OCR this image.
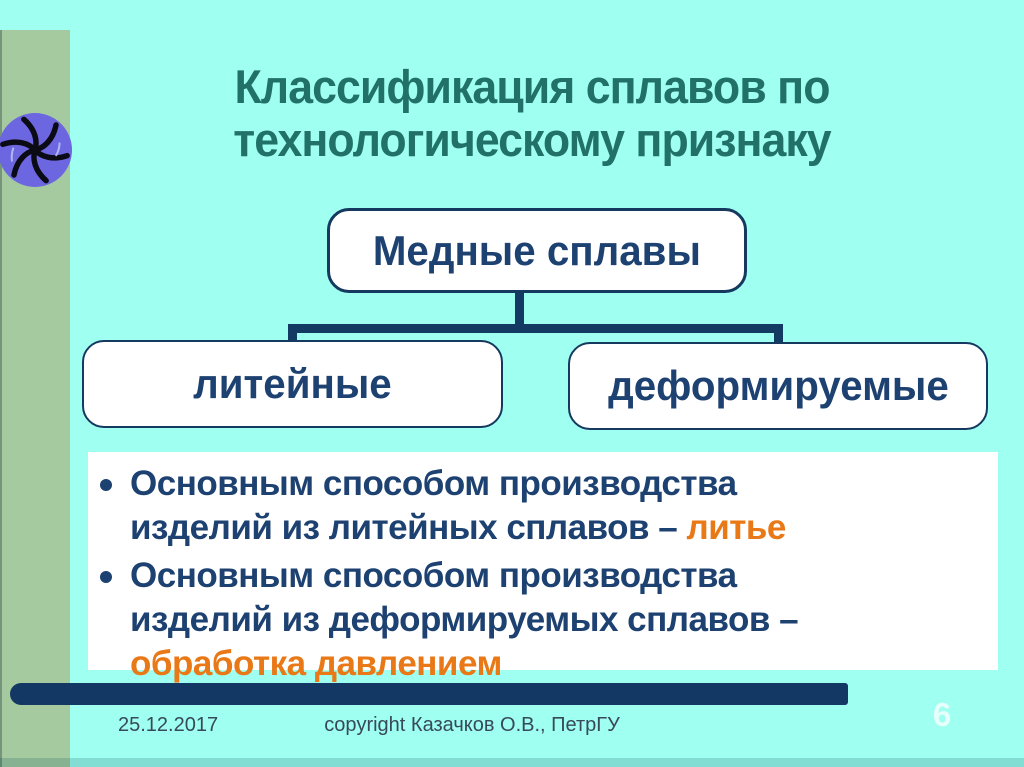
Классификация сплавов по
технологическому признаку
Медные сплавы
литейные	деформируемые
Основным способом производства
изделий из литейных сплавов – литье
Основным способом производства
изделий из деформируемых сплавов –
обработка давлением
25.12.2017	copyright Казачков О.В., ПетрГУ	6
